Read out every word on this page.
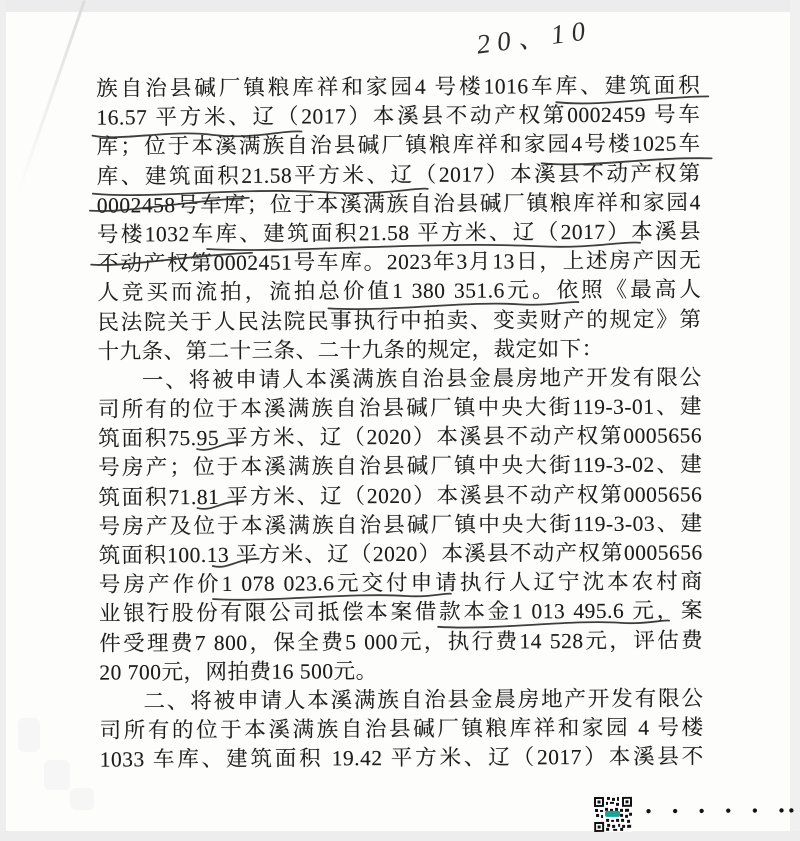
20、10
族自治县碱厂镇粮库祥和家园4 号楼1016车库、建筑面积
16.57 平方米、辽（2017）本溪县不动产权第0002459 号车
库；位于本溪满族自治县碱厂镇粮库祥和家园4号楼1025车
库、建筑面积21.58平方米、辽（2017）本溪县不动产权第
0002458号车库；位于本溪满族自治县碱厂镇粮库祥和家园4
号楼1032车库、建筑面积21.58 平方米、辽（2017）本溪县
不动产权第0002451号车库。2023年3月13日，上述房产因无
人竞买而流拍，流拍总价值1 380 351.6元。依照《最高人
民法院关于人民法院民事执行中拍卖、变卖财产的规定》第
十九条、第二十三条、二十九条的规定，裁定如下：
一、将被申请人本溪满族自治县金晨房地产开发有限公
司所有的位于本溪满族自治县碱厂镇中央大街119-3-01、建
筑面积75.95 平方米、辽（2020）本溪县不动产权第0005656
号房产；位于本溪满族自治县碱厂镇中央大街119-3-02、建
筑面积71.81 平方米、辽（2020）本溪县不动产权第0005656
号房产及位于本溪满族自治县碱厂镇中央大街119-3-03、建
筑面积100.13 平方米、辽（2020）本溪县不动产权第0005656
号房产作价1 078 023.6元交付申请执行人辽宁沈本农村商
业银行股份有限公司抵偿本案借款本金1 013 495.6 元，案
件受理费7 800，保全费5 000元，执行费14 528元，评估费
20 700元，网拍费16 500元。
二、将被申请人本溪满族自治县金晨房地产开发有限公
司所有的位于本溪满族自治县碱厂镇粮库祥和家园 4 号楼
1033 车库、建筑面积 19.42 平方米、辽（2017）本溪县不
• • • • • ••
